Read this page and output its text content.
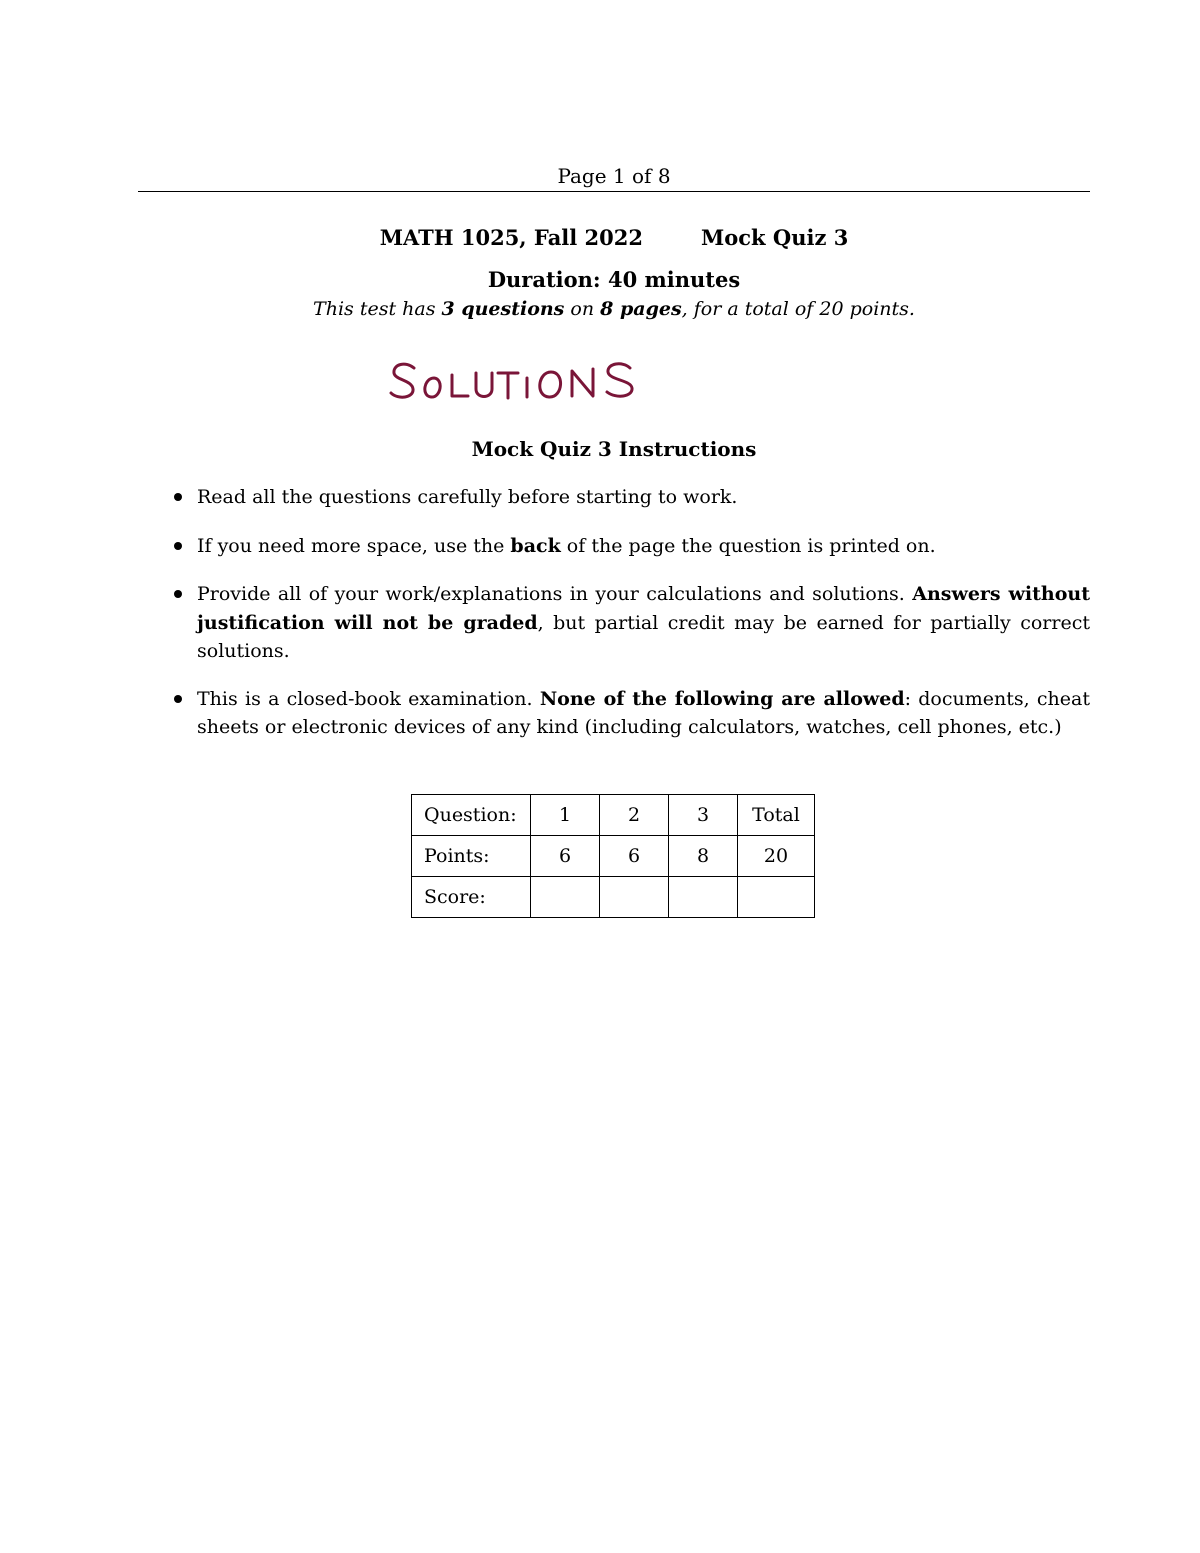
Page 1 of 8
MATH 1025, Fall 2022	Mock Quiz 3
Duration: 40 minutes
This test has 3 questions on 8 pages, for a total of 20 points.
Mock Quiz 3 Instructions
Read all the questions carefully before starting to work.
If you need more space, use the back of the page the question is printed on.
Provide all of your work/explanations in your calculations and solutions. Answers without justification will not be graded, but partial credit may be earned for partially correct solutions.
This is a closed-book examination. None of the following are allowed: documents, cheat sheets or electronic devices of any kind (including calculators, watches, cell phones, etc.)
Question:	1	2	3	Total
Points:	6	6	8	20
Score:				
